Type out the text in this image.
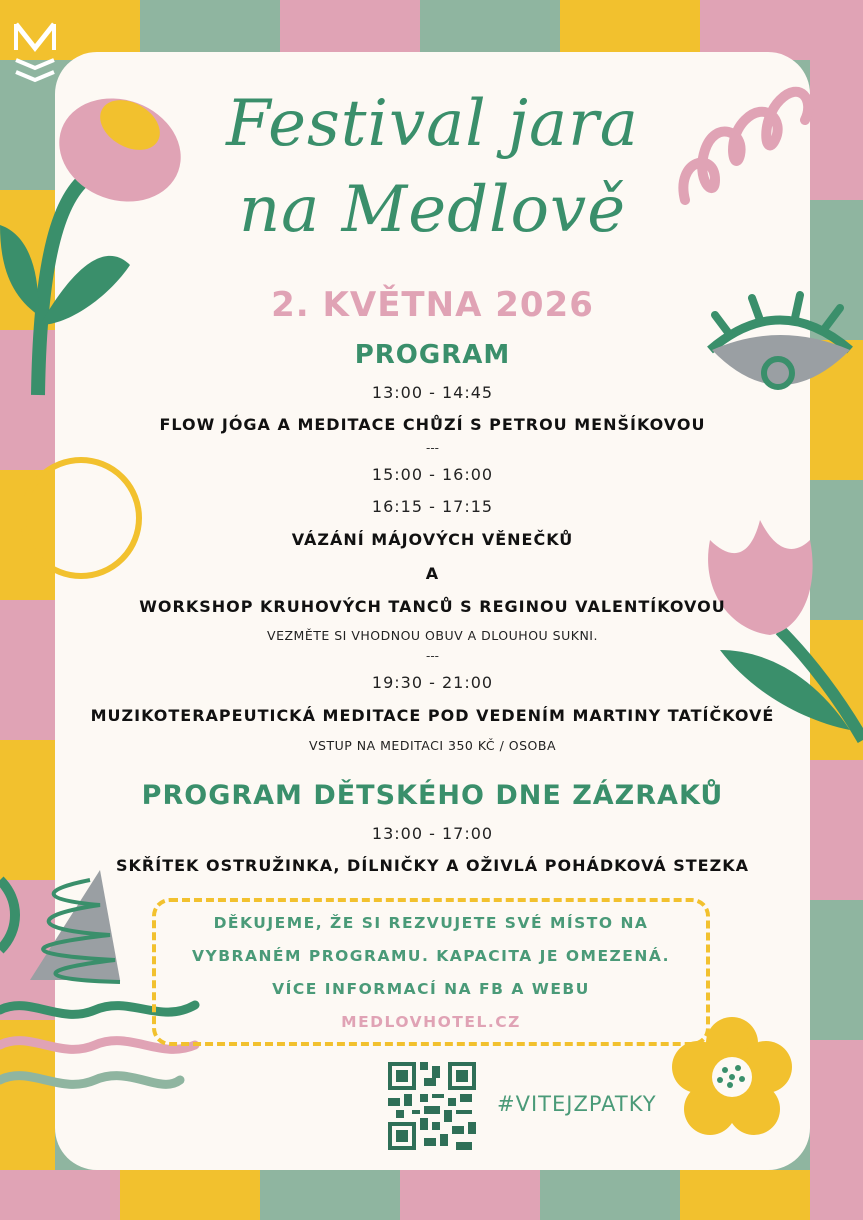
Festival jara
na Medlově
2. KVĚTNA 2026
PROGRAM
13:00 - 14:45
FLOW JÓGA A MEDITACE CHŮZÍ S PETROU MENŠÍKOVOU
---
15:00 - 16:00
16:15 - 17:15
VÁZÁNÍ MÁJOVÝCH VĚNEČKŮ
A
WORKSHOP KRUHOVÝCH TANCŮ S REGINOU VALENTÍKOVOU
VEZMĚTE SI VHODNOU OBUV A DLOUHOU SUKNI.
---
19:30 - 21:00
MUZIKOTERAPEUTICKÁ MEDITACE POD VEDENÍM MARTINY TATÍČKOVÉ
VSTUP NA MEDITACI 350 KČ / OSOBA
PROGRAM DĚTSKÉHO DNE ZÁZRAKŮ
13:00 - 17:00
SKŘÍTEK OSTRUŽINKA, DÍLNIČKY A OŽIVLÁ POHÁDKOVÁ STEZKA
DĚKUJEME, ŽE SI REZVUJETE SVÉ MÍSTO NA
VYBRANÉM PROGRAMU. KAPACITA JE OMEZENÁ.
VÍCE INFORMACÍ NA FB A WEBU
MEDLOVHOTEL.CZ
#VITEJZPATKY
